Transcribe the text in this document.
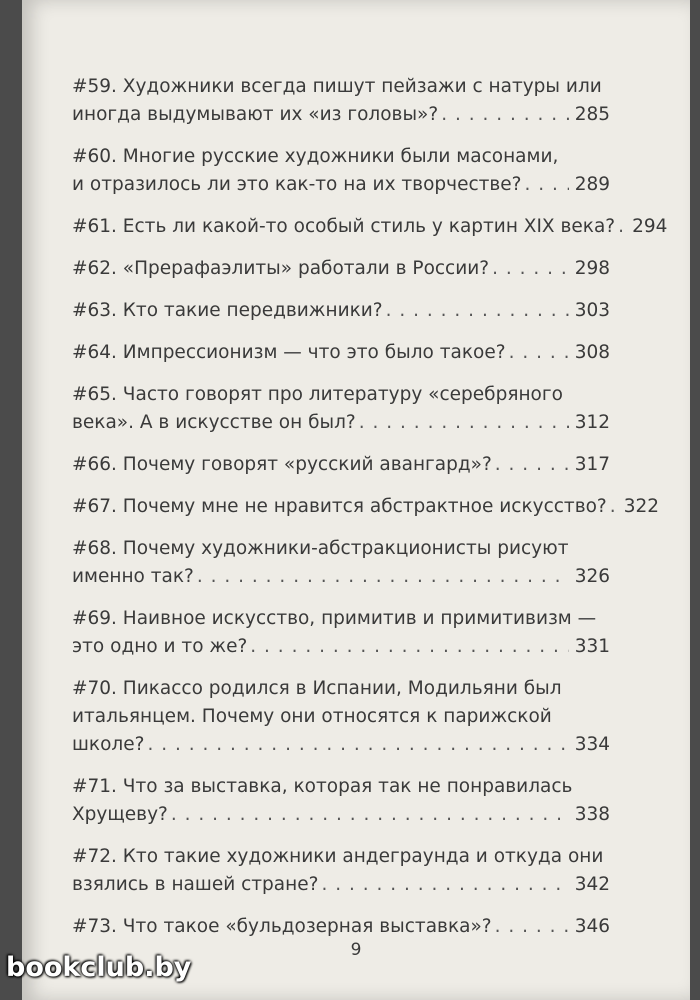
#59. Художники всегда пишут пейзажи с натуры или
иногда выдумывают их «из головы»? . . .	285
#60. Многие русские художники были масонами,
и отразилось ли это как-то на их творчестве? . . .	289
#61. Есть ли какой-то особый стиль у картин XIX века? . . . 294
#62. «Прерафаэлиты» работали в России? . . .	298
#63. Кто такие передвижники? . . .	303
#64. Импрессионизм — что это было такое? . . .	308
#65. Часто говорят про литературу «серебряного
века». А в искусстве он был? . . .	312
#66. Почему говорят «русский авангард»? . . .	317
#67. Почему мне не нравится абстрактное искусство? . . . 322
#68. Почему художники-абстракционисты рисуют
именно так? . . .	326
#69. Наивное искусство, примитив и примитивизм —
это одно и то же? . . .	331
#70. Пикассо родился в Испании, Модильяни был
итальянцем. Почему они относятся к парижской
школе? . . .	334
#71. Что за выставка, которая так не понравилась
Хрущеву? . . .	338
#72. Кто такие художники андеграунда и откуда они
взялись в нашей стране? . . .	342
#73. Что такое «бульдозерная выставка»? . . .	346
9
bookclub.by
